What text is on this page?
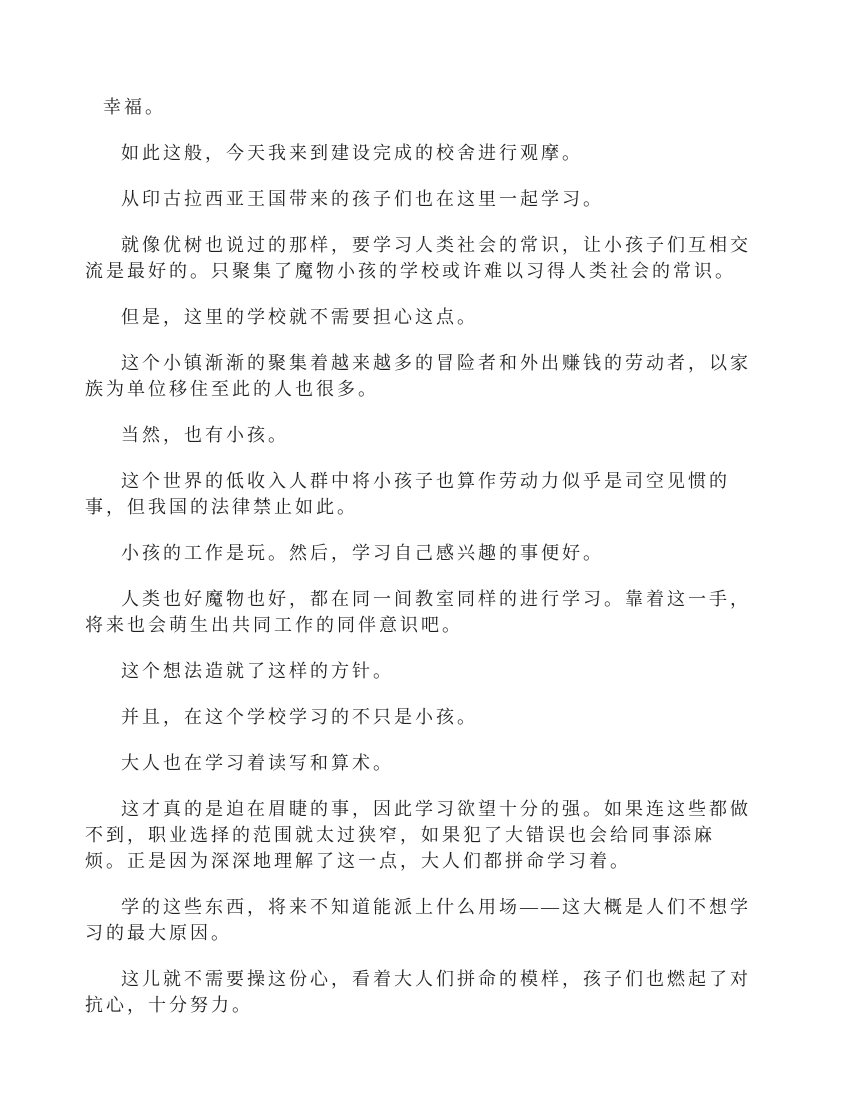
幸福。

如此这般，今天我来到建设完成的校舍进行观摩。

从印古拉西亚王国带来的孩子们也在这里一起学习。

就像优树也说过的那样，要学习人类社会的常识，让小孩子们互相交
流是最好的。只聚集了魔物小孩的学校或许难以习得人类社会的常识。

但是，这里的学校就不需要担心这点。

这个小镇渐渐的聚集着越来越多的冒险者和外出赚钱的劳动者，以家
族为单位移住至此的人也很多。

当然，也有小孩。

这个世界的低收入人群中将小孩子也算作劳动力似乎是司空见惯的
事，但我国的法律禁止如此。

小孩的工作是玩。然后，学习自己感兴趣的事便好。

人类也好魔物也好，都在同一间教室同样的进行学习。靠着这一手，
将来也会萌生出共同工作的同伴意识吧。

这个想法造就了这样的方针。

并且，在这个学校学习的不只是小孩。

大人也在学习着读写和算术。

这才真的是迫在眉睫的事，因此学习欲望十分的强。如果连这些都做
不到，职业选择的范围就太过狭窄，如果犯了大错误也会给同事添麻
烦。正是因为深深地理解了这一点，大人们都拼命学习着。

学的这些东西，将来不知道能派上什么用场——这大概是人们不想学
习的最大原因。

这儿就不需要操这份心，看着大人们拼命的模样，孩子们也燃起了对
抗心，十分努力。
